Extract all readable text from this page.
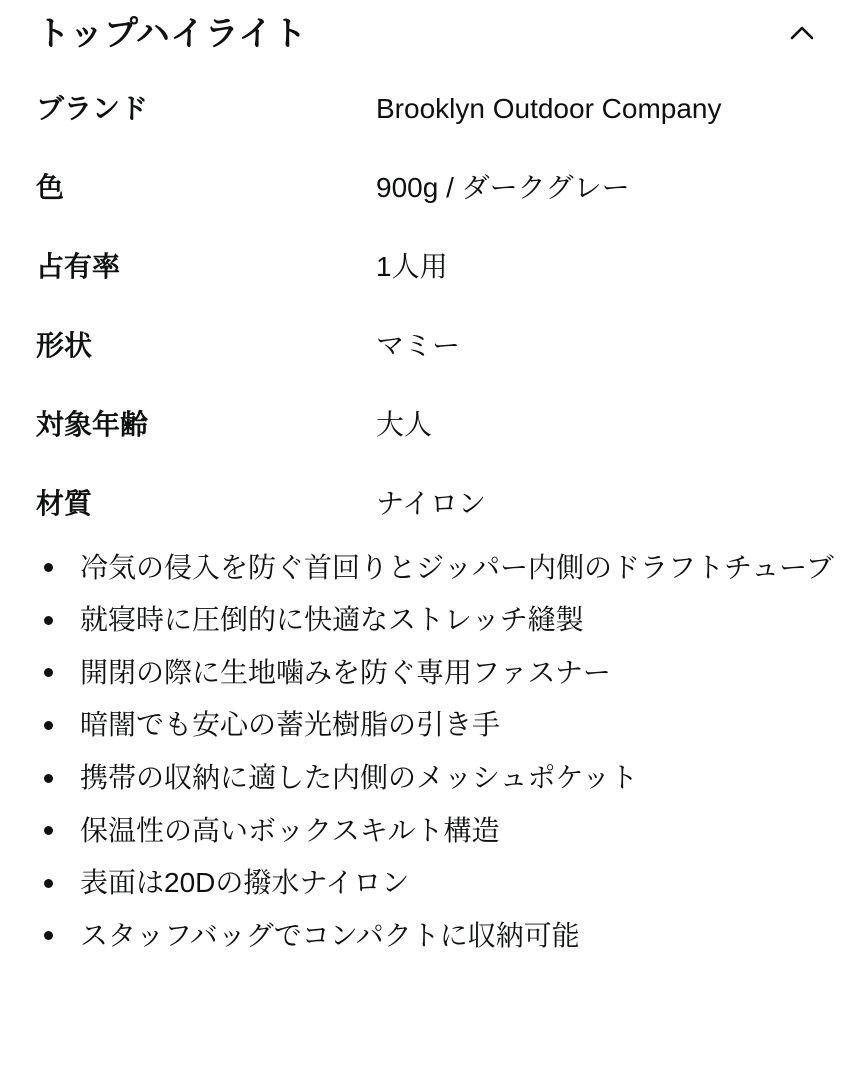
トップハイライト
ブランド	Brooklyn Outdoor Company
色	900g / ダークグレー
占有率	1人用
形状	マミー
対象年齢	大人
材質	ナイロン
冷気の侵入を防ぐ首回りとジッパー内側のドラフトチューブ
就寝時に圧倒的に快適なストレッチ縫製
開閉の際に生地噛みを防ぐ専用ファスナー
暗闇でも安心の蓄光樹脂の引き手
携帯の収納に適した内側のメッシュポケット
保温性の高いボックスキルト構造
表面は20Dの撥水ナイロン
スタッフバッグでコンパクトに収納可能
